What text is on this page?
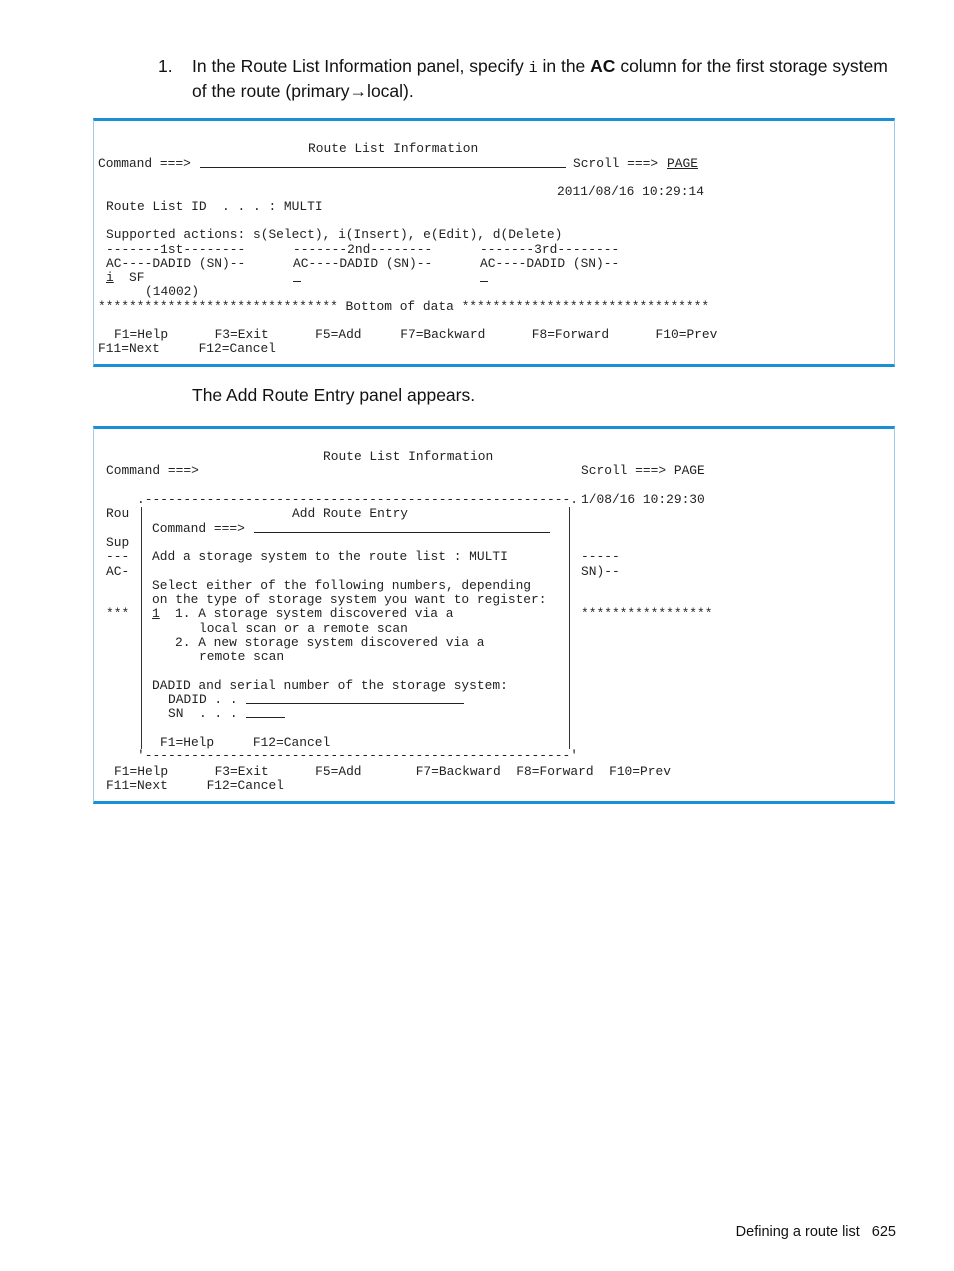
1. In the Route List Information panel, specify i in the AC column for the first storage system of the route (primary→local).
Route List Information
Command ===>	Scroll ===> PAGE
2011/08/16 10:29:14
Route List ID  . . . : MULTI
Supported actions: s(Select), i(Insert), e(Edit), d(Delete)
-------1st--------	-------2nd--------	-------3rd--------
AC----DADID (SN)--	AC----DADID (SN)--	AC----DADID (SN)--
i SF
(14002)
******************************* Bottom of data ********************************
F1=Help      F3=Exit      F5=Add     F7=Backward      F8=Forward      F10=Prev
F11=Next     F12=Cancel
The Add Route Entry panel appears.
Route List Information
Command ===>	Scroll ===> PAGE
1/08/16 10:29:30
Rou
Sup
---	-----
AC-	SN)--
***	*****************
.-------------------------------------------------------.
Add Route Entry
Command ===>
Add a storage system to the route list : MULTI
Select either of the following numbers, depending
on the type of storage system you want to register:
1 1. A storage system discovered via a
local scan or a remote scan
2. A new storage system discovered via a
remote scan
DADID and serial number of the storage system:
DADID . .
SN  . . .
F1=Help     F12=Cancel
'-------------------------------------------------------'
F1=Help      F3=Exit      F5=Add       F7=Backward  F8=Forward  F10=Prev
F11=Next     F12=Cancel
Defining a route list 625
